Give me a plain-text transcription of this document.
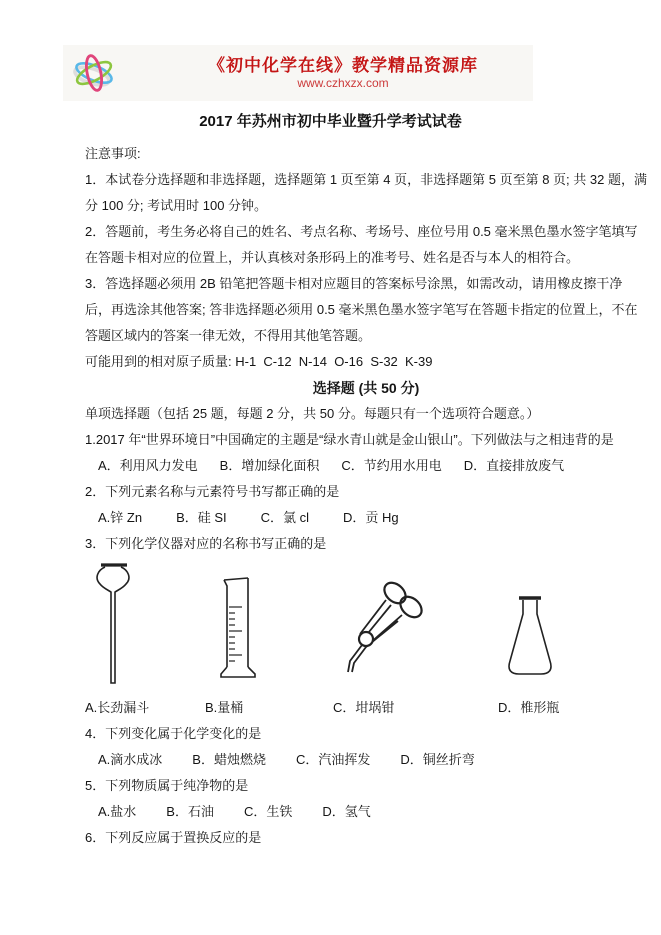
《初中化学在线》教学精品资源库
www.czhxzx.com
2017 年苏州市初中毕业暨升学考试试卷

注意事项:

1．本试卷分选择题和非选择题，选择题第 1 页至第 4 页，非选择题第 5 页至第 8 页; 共 32 题，满分 100 分; 考试用时 100 分钟。

2．答题前，考生务必将自己的姓名、考点名称、考场号、座位号用 0.5 毫米黑色墨水签字笔填写在答题卡相对应的位置上，并认真核对条形码上的准考号、姓名是否与本人的相符合。

3．答选择题必须用 2B 铅笔把答题卡相对应题目的答案标号涂黑，如需改动，请用橡皮擦干净后，再选涂其他答案; 答非选择题必须用 0.5 毫米黑色墨水签字笔写在答题卡指定的位置上，不在答题区域内的答案一律无效，不得用其他笔答题。

可能用到的相对原子质量: H-1  C-12  N-14  O-16  S-32  K-39

选择题 (共 50 分)

单项选择题（包括 25 题，每题 2 分，共 50 分。每题只有一个选项符合题意。）

1.2017 年“世界环境日”中国确定的主题是“绿水青山就是金山银山”。下列做法与之相违背的是

A．利用风力发电 B．增加绿化面积 C．节约用水用电 D．直接排放废气

2．下列元素名称与元素符号书写都正确的是

A.锌 Zn	B．硅 SI	C．氯 cl	D．贡 Hg

3．下列化学仪器对应的名称书写正确的是

A.长劲漏斗	B.量桶	C．坩埚钳	D．椎形瓶

4．下列变化属于化学变化的是

A.滴水成冰 B．蜡烛燃烧 C．汽油挥发 D．铜丝折弯

5．下列物质属于纯净物的是

A.盐水 B．石油 C．生铁 D．氢气

6．下列反应属于置换反应的是
